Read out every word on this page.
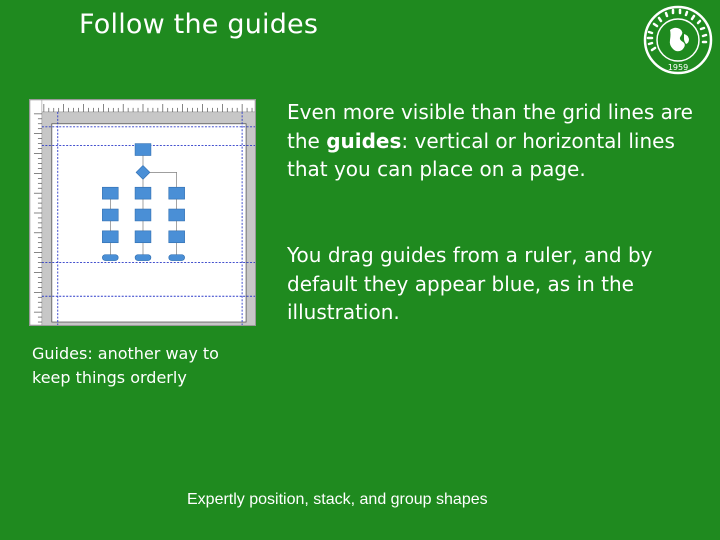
Follow the guides
1959
Even more visible than the grid lines are the guides: vertical or horizontal lines that you can place on a page.
You drag guides from a ruler, and by default they appear blue, as in the illustration.
Guides: another way to keep things orderly
Expertly position, stack, and group shapes
